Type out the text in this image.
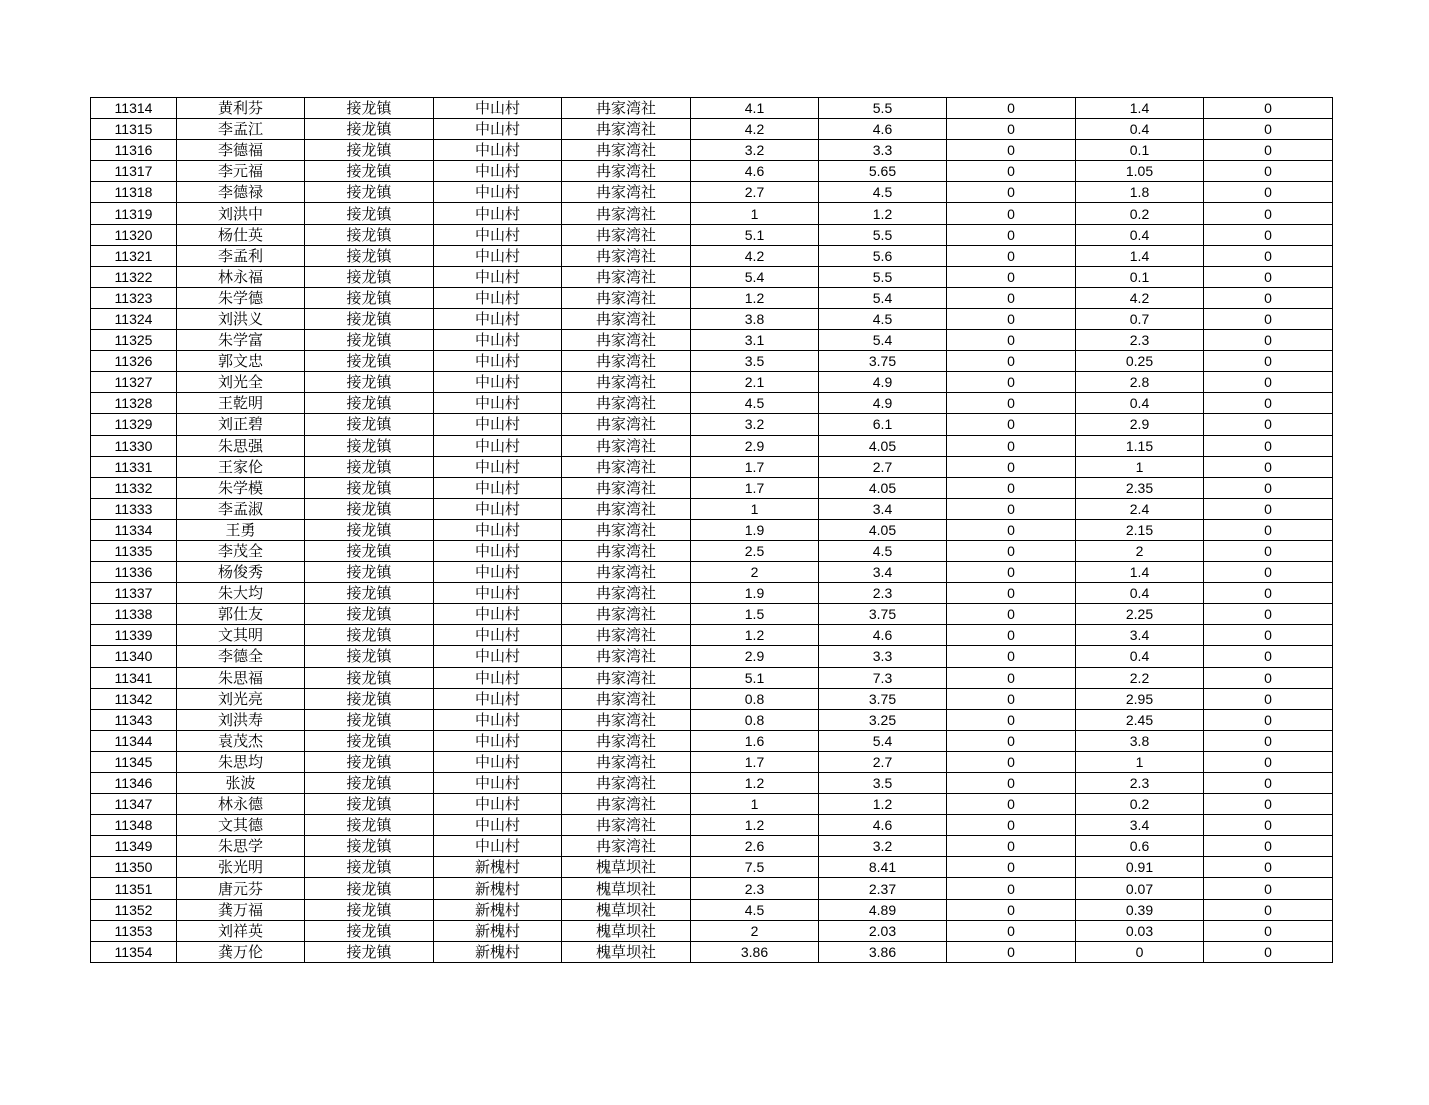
11314	黄利芬	接龙镇	中山村	冉家湾社	4.1	5.5	0	1.4	0
11315	李孟江	接龙镇	中山村	冉家湾社	4.2	4.6	0	0.4	0
11316	李德福	接龙镇	中山村	冉家湾社	3.2	3.3	0	0.1	0
11317	李元福	接龙镇	中山村	冉家湾社	4.6	5.65	0	1.05	0
11318	李德禄	接龙镇	中山村	冉家湾社	2.7	4.5	0	1.8	0
11319	刘洪中	接龙镇	中山村	冉家湾社	1	1.2	0	0.2	0
11320	杨仕英	接龙镇	中山村	冉家湾社	5.1	5.5	0	0.4	0
11321	李孟利	接龙镇	中山村	冉家湾社	4.2	5.6	0	1.4	0
11322	林永福	接龙镇	中山村	冉家湾社	5.4	5.5	0	0.1	0
11323	朱学德	接龙镇	中山村	冉家湾社	1.2	5.4	0	4.2	0
11324	刘洪义	接龙镇	中山村	冉家湾社	3.8	4.5	0	0.7	0
11325	朱学富	接龙镇	中山村	冉家湾社	3.1	5.4	0	2.3	0
11326	郭文忠	接龙镇	中山村	冉家湾社	3.5	3.75	0	0.25	0
11327	刘光全	接龙镇	中山村	冉家湾社	2.1	4.9	0	2.8	0
11328	王乾明	接龙镇	中山村	冉家湾社	4.5	4.9	0	0.4	0
11329	刘正碧	接龙镇	中山村	冉家湾社	3.2	6.1	0	2.9	0
11330	朱思强	接龙镇	中山村	冉家湾社	2.9	4.05	0	1.15	0
11331	王家伦	接龙镇	中山村	冉家湾社	1.7	2.7	0	1	0
11332	朱学模	接龙镇	中山村	冉家湾社	1.7	4.05	0	2.35	0
11333	李孟淑	接龙镇	中山村	冉家湾社	1	3.4	0	2.4	0
11334	王勇	接龙镇	中山村	冉家湾社	1.9	4.05	0	2.15	0
11335	李茂全	接龙镇	中山村	冉家湾社	2.5	4.5	0	2	0
11336	杨俊秀	接龙镇	中山村	冉家湾社	2	3.4	0	1.4	0
11337	朱大均	接龙镇	中山村	冉家湾社	1.9	2.3	0	0.4	0
11338	郭仕友	接龙镇	中山村	冉家湾社	1.5	3.75	0	2.25	0
11339	文其明	接龙镇	中山村	冉家湾社	1.2	4.6	0	3.4	0
11340	李德全	接龙镇	中山村	冉家湾社	2.9	3.3	0	0.4	0
11341	朱思福	接龙镇	中山村	冉家湾社	5.1	7.3	0	2.2	0
11342	刘光亮	接龙镇	中山村	冉家湾社	0.8	3.75	0	2.95	0
11343	刘洪寿	接龙镇	中山村	冉家湾社	0.8	3.25	0	2.45	0
11344	袁茂杰	接龙镇	中山村	冉家湾社	1.6	5.4	0	3.8	0
11345	朱思均	接龙镇	中山村	冉家湾社	1.7	2.7	0	1	0
11346	张波	接龙镇	中山村	冉家湾社	1.2	3.5	0	2.3	0
11347	林永德	接龙镇	中山村	冉家湾社	1	1.2	0	0.2	0
11348	文其德	接龙镇	中山村	冉家湾社	1.2	4.6	0	3.4	0
11349	朱思学	接龙镇	中山村	冉家湾社	2.6	3.2	0	0.6	0
11350	张光明	接龙镇	新槐村	槐草坝社	7.5	8.41	0	0.91	0
11351	唐元芬	接龙镇	新槐村	槐草坝社	2.3	2.37	0	0.07	0
11352	龚万福	接龙镇	新槐村	槐草坝社	4.5	4.89	0	0.39	0
11353	刘祥英	接龙镇	新槐村	槐草坝社	2	2.03	0	0.03	0
11354	龚万伦	接龙镇	新槐村	槐草坝社	3.86	3.86	0	0	0
